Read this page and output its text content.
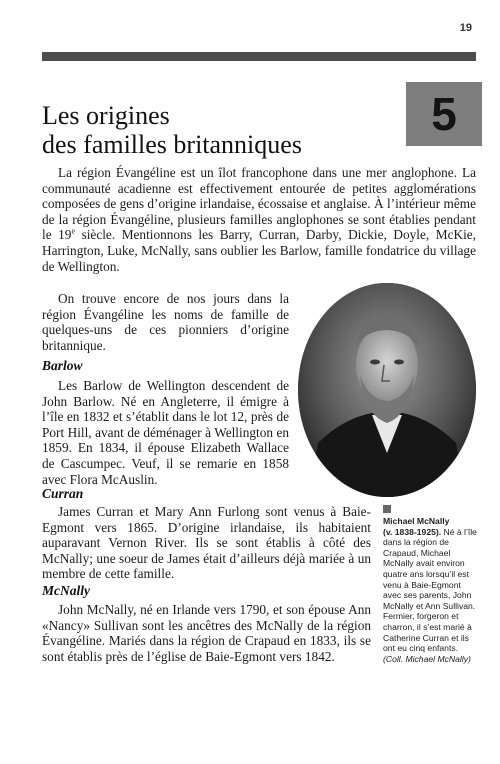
19
5
Les origines
des familles britanniques

La région Évangéline est un îlot francophone dans une mer anglophone. La communauté acadienne est effectivement entourée de petites agglomérations composées de gens d’origine irlandaise, écossaise et anglaise. À l’intérieur même de la région Évangéline, plusieurs familles anglophones se sont établies pendant le 19e siècle. Mentionnons les Barry, Curran, Darby, Dickie, Doyle, McKie, Harrington, Luke, McNally, sans oublier les Barlow, famille fondatrice du village de Wellington.

On trouve encore de nos jours dans la région Évangéline les noms de famille de quelques-uns de ces pionniers d’origine britannique.

Barlow

Les Barlow de Wellington descendent de John Barlow. Né en Angleterre, il émigre à l’île en 1832 et s’établit dans le lot 12, près de Port Hill, avant de déménager à Wellington en 1859. En 1834, il épouse Elizabeth Wallace de Cascumpec. Veuf, il se remarie en 1858 avec Flora McAuslin.

Curran

James Curran et Mary Ann Furlong sont venus à Baie-Egmont vers 1865. D’origine irlandaise, ils habitaient auparavant Vernon River. Ils se sont établis à côté des McNally; une soeur de James était d’ailleurs déjà mariée à un membre de cette famille.

McNally

John McNally, né en Irlande vers 1790, et son épouse Ann «Nancy» Sullivan sont les ancêtres des McNally de la région Évangéline. Mariés dans la région de Crapaud en 1833, ils se sont établis près de l’église de Baie-Egmont vers 1842.

Michael McNally
(v. 1838-1925). Né à l’île dans la région de Crapaud, Michael McNally avait environ quatre ans lorsqu’il est venu à Baie-Egmont avec ses parents, John McNally et Ann Sullivan. Fermier, forgeron et charron, il s’est marié à Catherine Curran et ils ont eu cinq enfants. (Coll. Michael McNally)
